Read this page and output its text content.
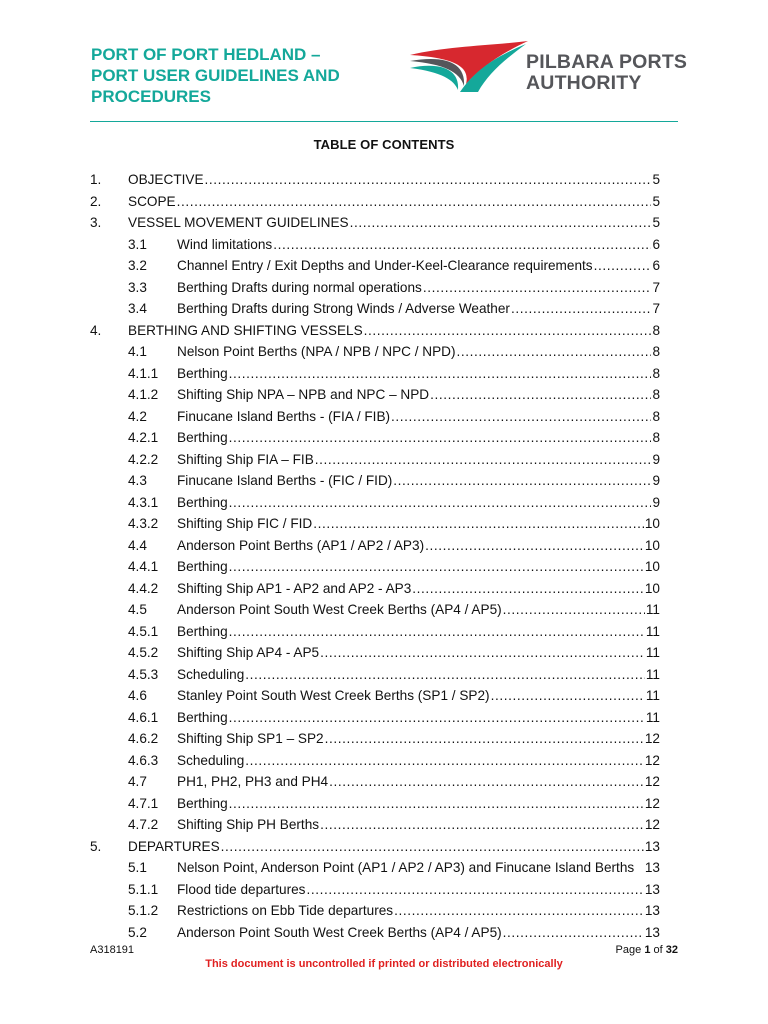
PORT OF PORT HEDLAND –
PORT USER GUIDELINES AND
PROCEDURES
PILBARA PORTS
AUTHORITY
TABLE OF CONTENTS
1. OBJECTIVE .....	5
2. SCOPE .....	5
3. VESSEL MOVEMENT GUIDELINES .....	5
3.1 Wind limitations .....	6
3.2 Channel Entry / Exit Depths and Under-Keel-Clearance requirements .....	6
3.3 Berthing Drafts during normal operations .....	7
3.4 Berthing Drafts during Strong Winds / Adverse Weather .....	7
4. BERTHING AND SHIFTING VESSELS .....	8
4.1 Nelson Point Berths (NPA / NPB / NPC / NPD) .....	8
4.1.1 Berthing .....	8
4.1.2 Shifting Ship NPA – NPB and NPC – NPD .....	8
4.2 Finucane Island Berths - (FIA / FIB) .....	8
4.2.1 Berthing .....	8
4.2.2 Shifting Ship FIA – FIB .....	9
4.3 Finucane Island Berths - (FIC / FID) .....	9
4.3.1 Berthing .....	9
4.3.2 Shifting Ship FIC / FID .....	10
4.4 Anderson Point Berths (AP1 / AP2 / AP3) .....	10
4.4.1 Berthing .....	10
4.4.2 Shifting Ship AP1 - AP2 and AP2 - AP3 .....	10
4.5 Anderson Point South West Creek Berths (AP4 / AP5) .....	11
4.5.1 Berthing .....	11
4.5.2 Shifting Ship AP4 - AP5 .....	11
4.5.3 Scheduling .....	11
4.6 Stanley Point South West Creek Berths (SP1 / SP2) .....	11
4.6.1 Berthing .....	11
4.6.2 Shifting Ship SP1 – SP2 .....	12
4.6.3 Scheduling .....	12
4.7 PH1, PH2, PH3 and PH4 .....	12
4.7.1 Berthing .....	12
4.7.2 Shifting Ship PH Berths .....	12
5. DEPARTURES .....	13
5.1 Nelson Point, Anderson Point (AP1 / AP2 / AP3) and Finucane Island Berths 13
5.1.1 Flood tide departures .....	13
5.1.2 Restrictions on Ebb Tide departures .....	13
5.2 Anderson Point South West Creek Berths (AP4 / AP5) .....	13
A318191	Page 1 of 32
This document is uncontrolled if printed or distributed electronically
